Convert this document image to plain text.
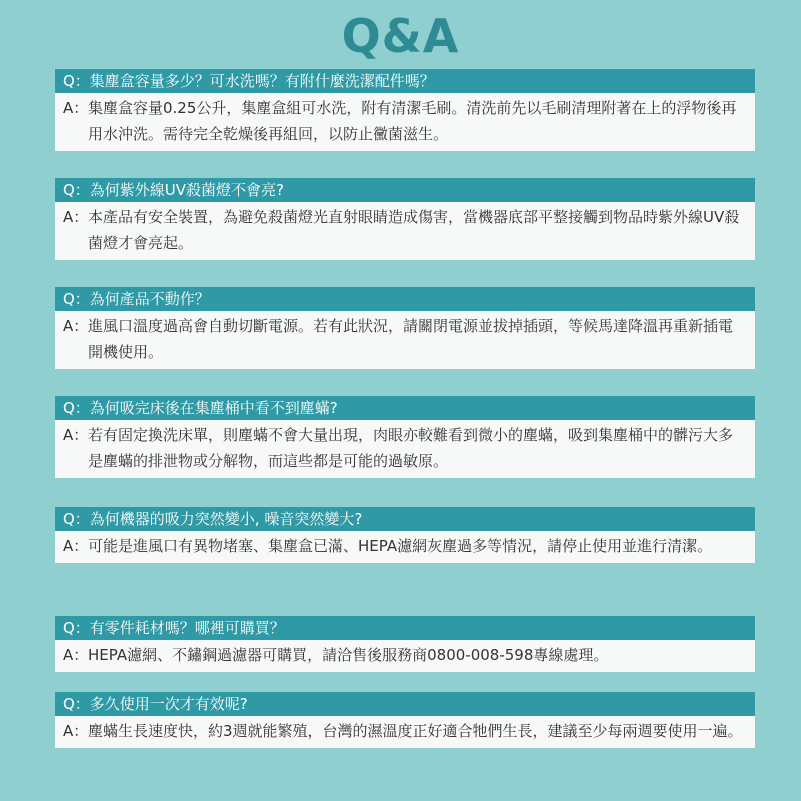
Q&A
Q：集塵盒容量多少？可水洗嗎？有附什麼洗潔配件嗎？
A： 集塵盒容量0.25公升，集塵盒組可水洗，附有清潔毛刷。清洗前先以毛刷清理附著在上的浮物後再用水沖洗。需待完全乾燥後再組回，以防止黴菌滋生。
Q：為何紫外線UV殺菌燈不會亮?
A： 本產品有安全裝置，為避免殺菌燈光直射眼睛造成傷害，當機器底部平整接觸到物品時紫外線UV殺菌燈才會亮起。
Q：為何產品不動作？
A： 進風口溫度過高會自動切斷電源。若有此狀況，請關閉電源並拔掉插頭，等候馬達降溫再重新插電開機使用。
Q：為何吸完床後在集塵桶中看不到塵蟎?
A： 若有固定換洗床單，則塵蟎不會大量出現，肉眼亦較難看到微小的塵蟎，吸到集塵桶中的髒污大多是塵蟎的排泄物或分解物，而這些都是可能的過敏原。
Q：為何機器的吸力突然變小, 噪音突然變大?
A： 可能是進風口有異物堵塞、集塵盒已滿、HEPA濾網灰塵過多等情況，請停止使用並進行清潔。
Q：有零件耗材嗎？哪裡可購買？
A： HEPA濾網、不鏽鋼過濾器可購買，請洽售後服務商0800-008-598專線處理。
Q：多久使用一次才有效呢?
A： 塵蟎生長速度快，約3週就能繁殖，台灣的濕溫度正好適合牠們生長，建議至少每兩週要使用一遍。
